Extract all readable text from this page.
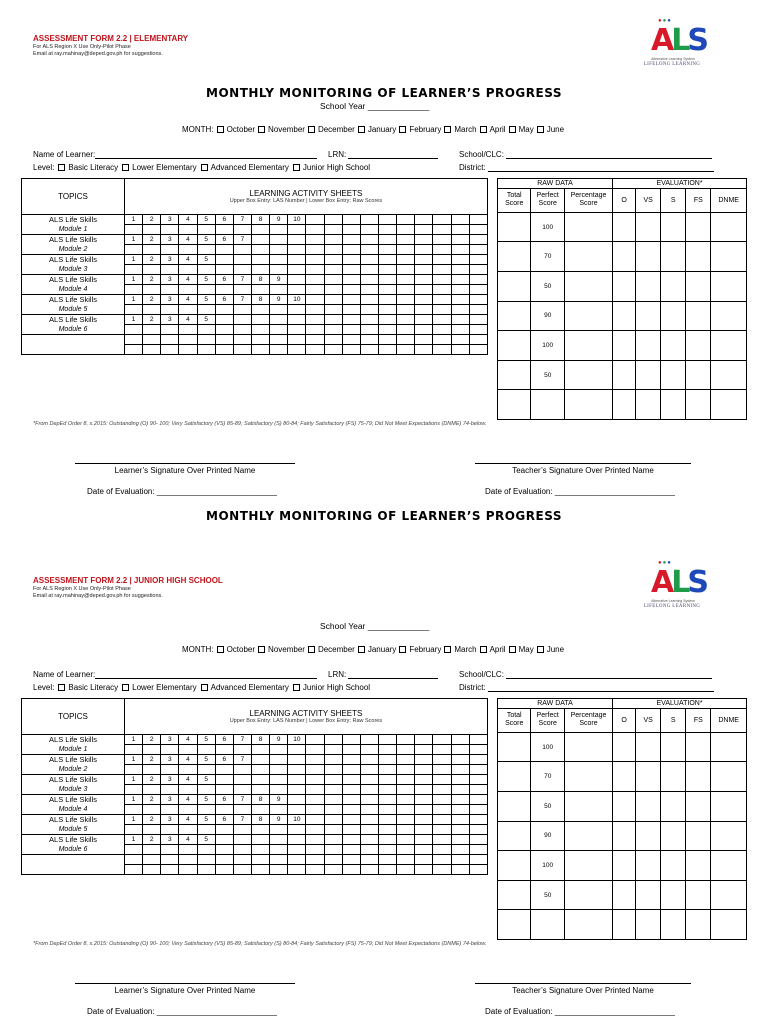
ASSESSMENT FORM 2.2 | ELEMENTARY
For ALS Region X Use Only-Pilot Phase
Email at ray.mahinay@deped.gov.ph for suggestions.
●●●
ALS
Alternative Learning System
LIFELONG LEARNING
MONTHLY MONITORING OF LEARNER’S PROGRESS
School Year _____________
MONTH: October November December January February March April May June
Name of Learner:	LRN:	School/CLC:
Level: Basic Literacy Lower Elementary Advanced Elementary Junior High School	District:
TOPICS	LEARNING ACTIVITY SHEETS
Upper Box Entry: LAS Number | Lower Box Entry: Raw Scores																			

ALS Life Skills
Module 1	1	2	3	4	5	6	7	8	9	10										

ALS Life Skills
Module 2	1	2	3	4	5	6	7													

ALS Life Skills
Module 3	1	2	3	4	5															

ALS Life Skills
Module 4	1	2	3	4	5	6	7	8	9											

ALS Life Skills
Module 5	1	2	3	4	5	6	7	8	9	10										

ALS Life Skills
Module 6	1	2	3	4	5															

RAW DATA			EVALUATION*				
Total Score	Perfect Score	Percentage Score	O	VS	S	FS	DNME
	100						
	70						
	50						
	90						
	100						
	50						

*From DepEd Order 8, s.2015: Outstanding (O) 90- 100; Very Satisfactory (VS) 85-89; Satisfactory (S) 80-84; Fairly Satisfactory (FS) 75-79; Did Not Meet Expectations (DNME) 74-below.
Learner’s Signature Over Printed Name	Teacher’s Signature Over Printed Name
Date of Evaluation: ___________________________	Date of Evaluation: ___________________________
MONTHLY MONITORING OF LEARNER’S PROGRESS
ASSESSMENT FORM 2.2 | JUNIOR HIGH SCHOOL
For ALS Region X Use Only-Pilot Phase
Email at ray.mahinay@deped.gov.ph for suggestions.
●●●
ALS
Alternative Learning System
LIFELONG LEARNING
School Year _____________
MONTH: October November December January February March April May June
Name of Learner:	LRN:	School/CLC:
Level: Basic Literacy Lower Elementary Advanced Elementary Junior High School	District:
TOPICS	LEARNING ACTIVITY SHEETS
Upper Box Entry: LAS Number | Lower Box Entry: Raw Scores																			

ALS Life Skills
Module 1	1	2	3	4	5	6	7	8	9	10										

ALS Life Skills
Module 2	1	2	3	4	5	6	7													

ALS Life Skills
Module 3	1	2	3	4	5															

ALS Life Skills
Module 4	1	2	3	4	5	6	7	8	9											

ALS Life Skills
Module 5	1	2	3	4	5	6	7	8	9	10										

ALS Life Skills
Module 6	1	2	3	4	5															

RAW DATA			EVALUATION*				
Total Score	Perfect Score	Percentage Score	O	VS	S	FS	DNME
	100						
	70						
	50						
	90						
	100						
	50						

*From DepEd Order 8, s.2015: Outstanding (O) 90- 100; Very Satisfactory (VS) 85-89; Satisfactory (S) 80-84; Fairly Satisfactory (FS) 75-79; Did Not Meet Expectations (DNME) 74-below.
Learner’s Signature Over Printed Name	Teacher’s Signature Over Printed Name
Date of Evaluation: ___________________________	Date of Evaluation: ___________________________
